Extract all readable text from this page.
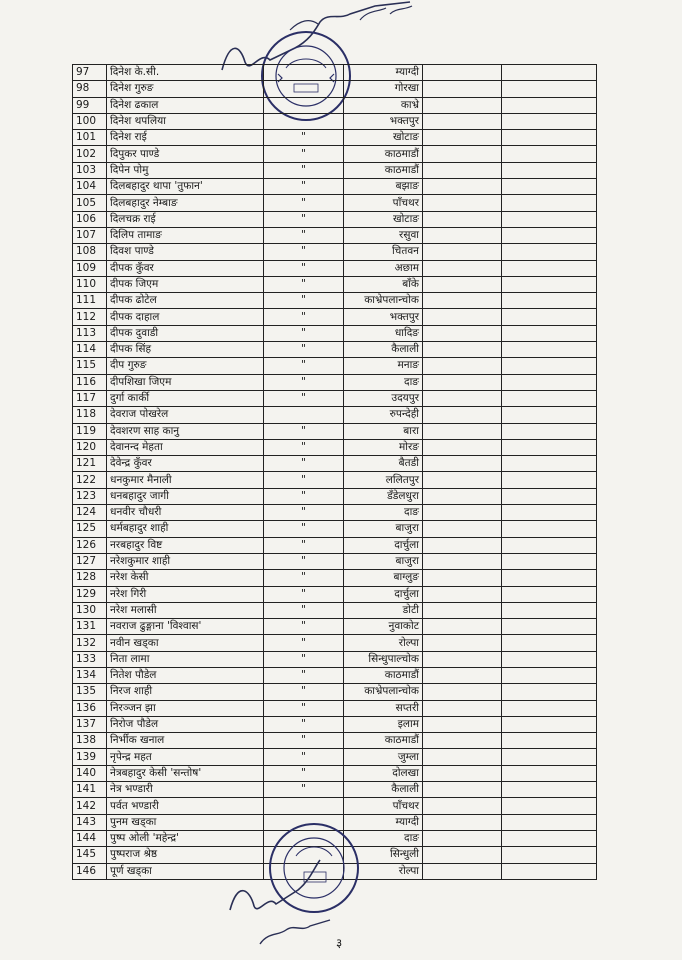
97	दिनेश के.सी.		म्याग्दी		
98	दिनेश गुरुङ		गोरखा		
99	दिनेश ढकाल		काभ्रे		
100	दिनेश थपलिया		भक्तपुर		
101	दिनेश राई	"	खोटाङ		
102	दिपुकर पाण्डे	"	काठमाडौं		
103	दिपेन पोमु	"	काठमाडौं		
104	दिलबहादुर थापा 'तुफान'	"	बझाङ		
105	दिलबहादुर नेम्बाङ	"	पाँचथर		
106	दिलचक्र राई	"	खोटाङ		
107	दिलिप तामाङ	"	रसुवा		
108	दिवश पाण्डे	"	चितवन		
109	दीपक कुँवर	"	अछाम		
110	दीपक जिएम	"	बाँके		
111	दीपक ढोटेल	"	काभ्रेपलान्चोक		
112	दीपक दाहाल	"	भक्तपुर		
113	दीपक दुवाडी	"	धादिङ		
114	दीपक सिंह	"	कैलाली		
115	दीप गुरुङ	"	मनाङ		
116	दीपशिखा जिएम	"	दाङ		
117	दुर्गा कार्की	"	उदयपुर		
118	देवराज पोखरेल		रुपन्देही		
119	देवशरण साह कानु	"	बारा		
120	देवानन्द मेहता	"	मोरङ		
121	देवेन्द्र कुँवर	"	बैतडी		
122	धनकुमार मैनाली	"	ललितपुर		
123	धनबहादुर जागी	"	डँडेलधुरा		
124	धनवीर चौधरी	"	दाङ		
125	धर्मबहादुर शाही	"	बाजुरा		
126	नरबहादुर विष्ट	"	दार्चुला		
127	नरेशकुमार शाही	"	बाजुरा		
128	नरेश केसी	"	बाग्लुङ		
129	नरेश गिरी	"	दार्चुला		
130	नरेश मलासी	"	डोटी		
131	नवराज ढुङ्गाना 'विश्वास'	"	नुवाकोट		
132	नवीन खड्का	"	रोल्पा		
133	निता लामा	"	सिन्धुपाल्चोक		
134	नितेश पौडेल	"	काठमाडौं		
135	निरज शाही	"	काभ्रेपलान्चोक		
136	निरञ्जन झा	"	सप्तरी		
137	निरोज पौडेल	"	इलाम		
138	निर्भीक खनाल	"	काठमाडौं		
139	नृपेन्द्र महत	"	जुम्ला		
140	नेत्रबहादुर केसी 'सन्तोष'	"	दोलखा		
141	नेत्र भण्डारी	"	कैलाली		
142	पर्वत भण्डारी		पाँचथर		
143	पुनम खड्का		म्याग्दी		
144	पुष्प ओली 'महेन्द्र'		दाङ		
145	पुष्पराज श्रेष्ठ		सिन्धुली		
146	पूर्ण खड्का		रोल्पा		
३
